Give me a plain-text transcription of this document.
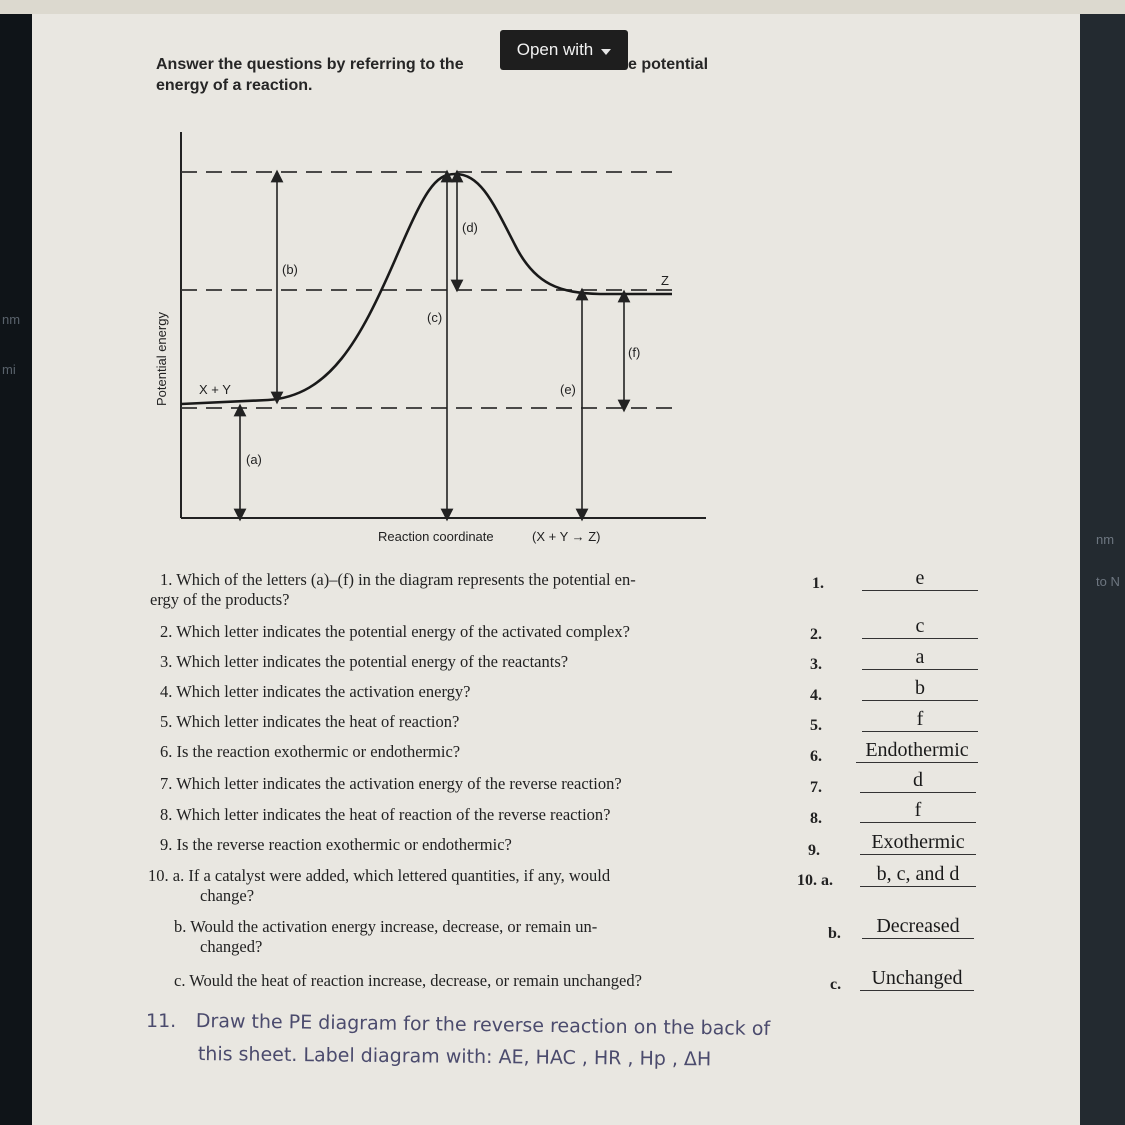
nm
mi
nm
to N
Answer the questions by referring to the	e potential
energy of a reaction.
Open with
Potential energy
Reaction coordinate	(X + Y → Z)
X + Y
Z
(a)
(b)
(c)
(d)
(e)
(f)
1. Which of the letters (a)–(f) in the diagram represents the potential en-
ergy of the products?
1.	e
2. Which letter indicates the potential energy of the activated complex?	2.	c
3. Which letter indicates the potential energy of the reactants?	3.	a
4. Which letter indicates the activation energy?	4.	b
5. Which letter indicates the heat of reaction?	5.	f
6. Is the reaction exothermic or endothermic?	6.	Endothermic
7. Which letter indicates the activation energy of the reverse reaction?	7.	d
8. Which letter indicates the heat of reaction of the reverse reaction?	8.	f
9. Is the reverse reaction exothermic or endothermic?	9.	Exothermic
10. a. If a catalyst were added, which lettered quantities, if any, would
change?
10. a.	b, c, and d
b. Would the activation energy increase, decrease, or remain un-
changed?
b.	Decreased
c. Would the heat of reaction increase, decrease, or remain unchanged?	c.	Unchanged
11. Draw the PE diagram for the reverse reaction on the back of
this sheet. Label diagram with: AE, HAC , HR , Hp , ΔH
